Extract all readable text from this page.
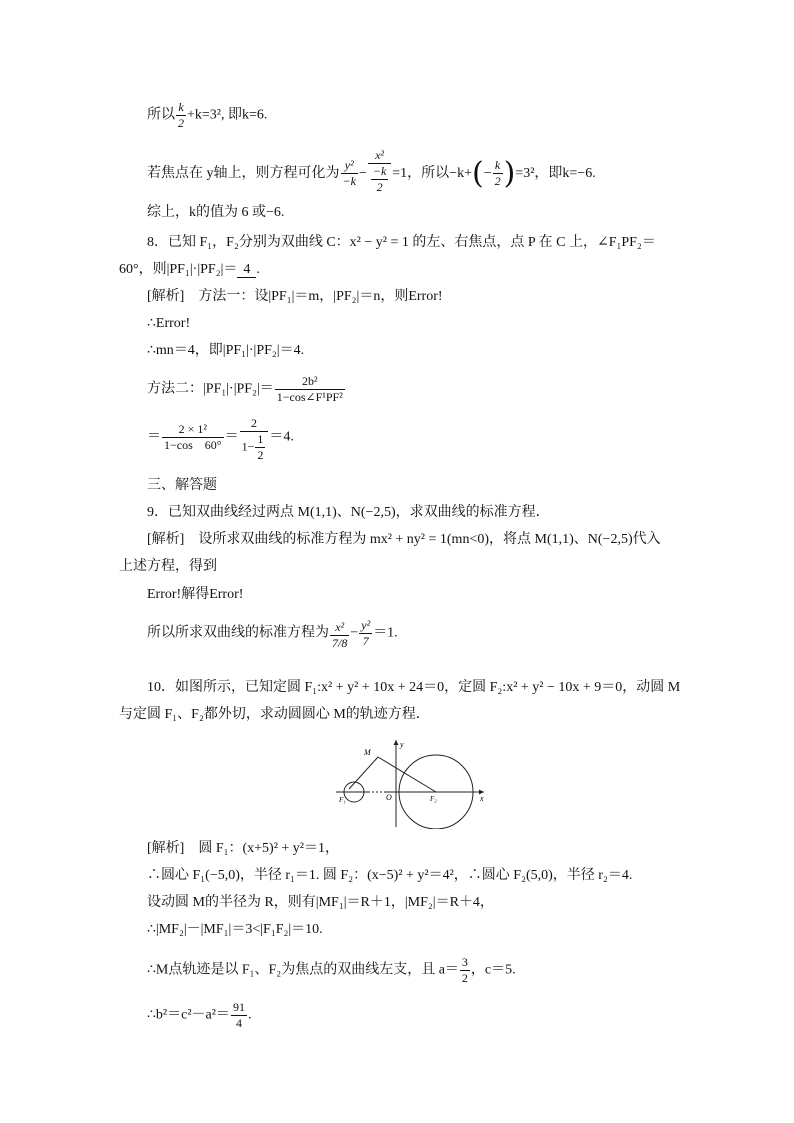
所以 $\frac{k}{2} +k=3^2$, 即k=6.
若焦点在 y轴上，则方程可化为 $\frac{\text{y²}}{-k} - x^2$
−k
2 =1，所以$-k+(- \frac{k}{2} )=3^2$，即k=−6.
综上，k的值为 6 或−6.
8．已知 F₁，F₂分别为双曲线 C：x² − y² = 1 的左、右焦点，点 P 在 C 上，∠F₁PF₂＝
60°，则|PF₁|·|PF₂|＝ 4 .
[解析]　方法一：设|PF₁|＝m，|PF₂|＝n，则Error!
∴Error!
∴mn＝4，即|PF₁|·|PF₂|＝4.
方法二：$|PF_1|\cdot|PF_2|= \frac{\text{2b²}}{\text{1−cos∠F¹PF²}}$
＝ $\frac{\text{2 × 1²}}{1-\cos 60^\circ} = \frac{2}{1- \frac{1}{2}} =4$.
三、解答题
9．已知双曲线经过两点 M(1,1)、N(−2,5)，求双曲线的标准方程．
[解析]　设所求双曲线的标准方程为 mx² + ny² = 1(mn<0)，将点 M(1,1)、N(−2,5)代入
上述方程，得到
Error!解得Error!
所以所求双曲线的标准方程为 $\frac{\text{x²}}{7/8} - \frac{\text{y²}}{7} =1$.
10．如图所示，已知定圆 F₁:x² + y² + 10x + 24＝0，定圆 F₂:x² + y² − 10x + 9＝0，动圆 M
与定圆 F₁、F₂都外切，求动圆圆心 M的轨迹方程．
y
x
M
O
F₁	F₂
[解析]　圆 F₁：(x+5)² + y²＝1，
∴圆心 F₁(−5,0)，半径 r₁＝1. 圆 F₂：(x−5)² + y²＝4²，∴圆心 F₂(5,0)，半径 r₂＝4.
设动圆 M的半径为 R，则有|MF₁|＝R＋1，|MF₂|＝R＋4，
∴|MF₂|－|MF₁|＝3<|F₁F₂|＝10.
∴M点轨迹是以 F₁、F₂为焦点的双曲线左支，且 $a= \frac{3}{2}$ ，c＝5.
∴b²＝c²－a²＝ $\frac{91}{4}$ .
